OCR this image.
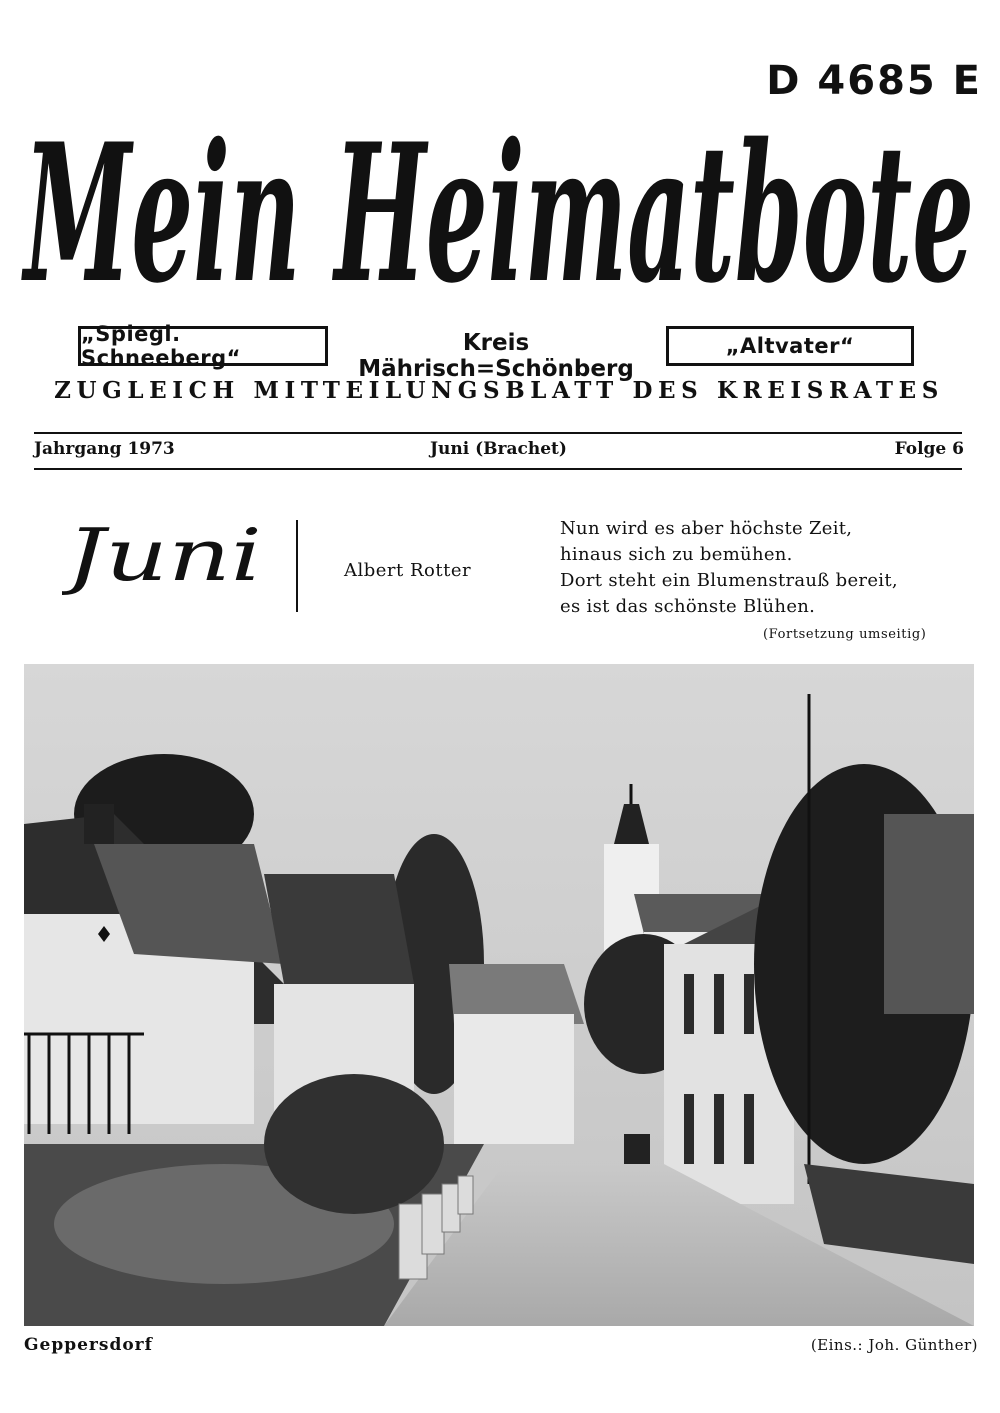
D 4685 E
Mein Heimatbote
„Spiegl. Schneeberg“
Kreis Mährisch=Schönberg
„Altvater“
ZUGLEICH MITTEILUNGSBLATT DES KREISRATES
Jahrgang 1973	Juni (Brachet)	Folge 6
Juni	Albert Rotter
Nun wird es aber höchste Zeit,
hinaus sich zu bemühen.
Dort steht ein Blumenstrauß bereit,
es ist das schönste Blühen.
(Fortsetzung umseitig)
Geppersdorf	(Eins.: Joh. Günther)
